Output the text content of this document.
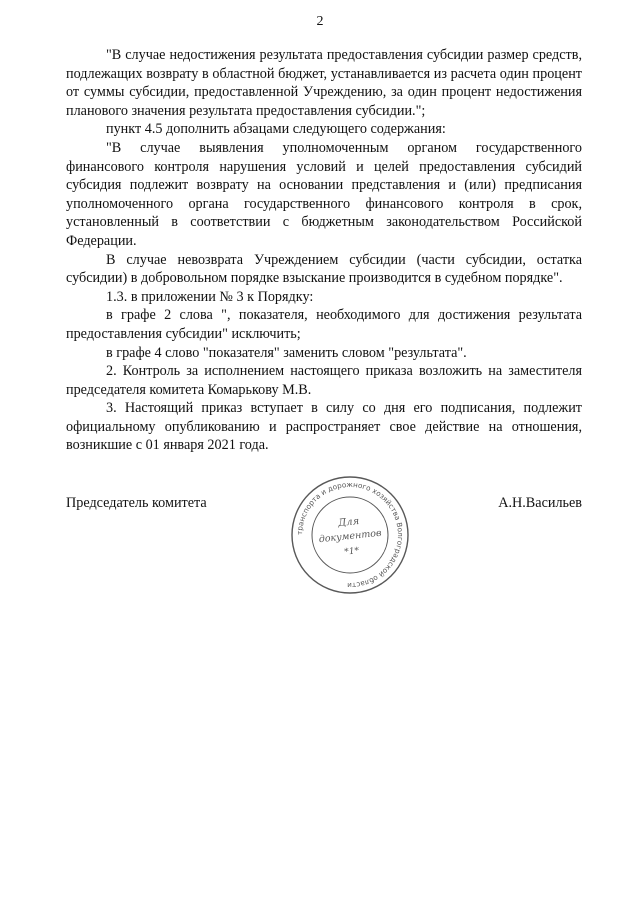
2

"В случае недостижения результата предоставления субсидии размер средств, подлежащих возврату в областной бюджет, устанавливается из расчета один процент от суммы субсидии, предоставленной Учреждению, за один процент недостижения планового значения результата предоставления субсидии.";

пункт 4.5 дополнить абзацами следующего содержания:

"В случае выявления уполномоченным органом государственного финансового контроля нарушения условий и целей предоставления субсидий субсидия подлежит возврату на основании представления и (или) предписания уполномоченного органа государственного финансового контроля в срок, установленный в соответствии с бюджетным законодательством Российской Федерации.

В случае невозврата Учреждением субсидии (части субсидии, остатка субсидии) в добровольном порядке взыскание производится в судебном порядке".

1.3. в приложении № 3 к Порядку:

в графе 2 слова ", показателя, необходимого для достижения результата предоставления субсидии" исключить;

в графе 4 слово "показателя" заменить словом "результата".

2. Контроль за исполнением настоящего приказа возложить на заместителя председателя комитета Комарькову М.В.

3. Настоящий приказ вступает в силу со дня его подписания, подлежит официальному опубликованию и распространяет свое действие на отношения, возникшие с 01 января 2021 года.

Председатель комитета	А.Н.Васильев
транспорта и дорожного хозяйства Волгоградской области
Для
документов
*1*
